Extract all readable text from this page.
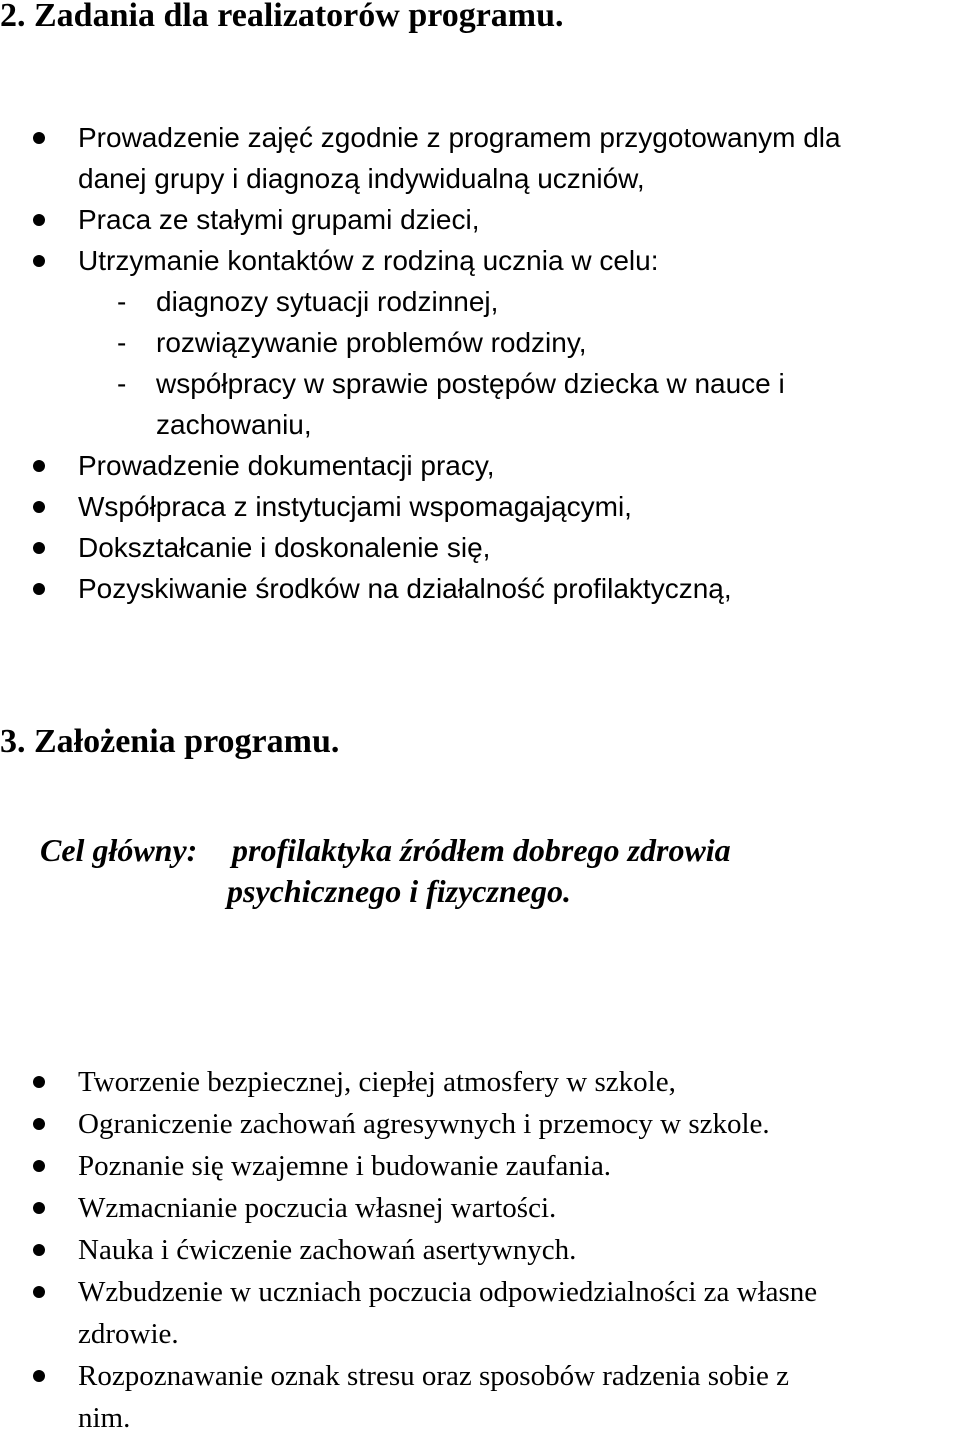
2. Zadania dla realizatorów programu.
Prowadzenie zajęć zgodnie z programem przygotowanym dla
danej grupy i diagnozą indywidualną uczniów,
Praca ze stałymi grupami dzieci,
Utrzymanie kontaktów z rodziną ucznia w celu:
- diagnozy sytuacji rodzinnej,
- rozwiązywanie problemów rodziny,
- współpracy w sprawie postępów dziecka w nauce i
zachowaniu,
Prowadzenie dokumentacji pracy,
Współpraca z instytucjami wspomagającymi,
Dokształcanie i doskonalenie się,
Pozyskiwanie środków na działalność profilaktyczną,
3. Założenia programu.
Cel główny: profilaktyka źródłem dobrego zdrowia
psychicznego i fizycznego.
Tworzenie bezpiecznej, ciepłej atmosfery w szkole,
Ograniczenie zachowań agresywnych i przemocy w szkole.
Poznanie się wzajemne i budowanie zaufania.
Wzmacnianie poczucia własnej wartości.
Nauka i ćwiczenie zachowań asertywnych.
Wzbudzenie w uczniach poczucia odpowiedzialności za własne
zdrowie.
Rozpoznawanie oznak stresu oraz sposobów radzenia sobie z
nim.
